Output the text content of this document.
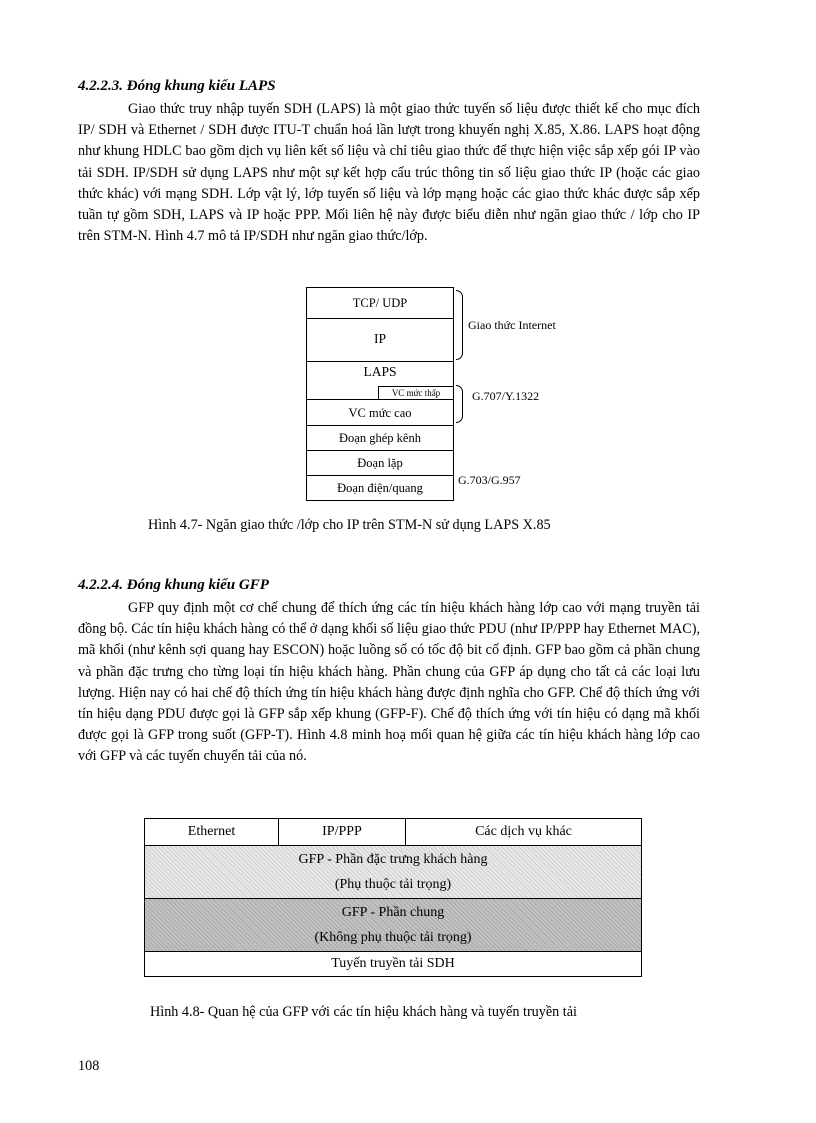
4.2.2.3. Đóng khung kiểu LAPS

Giao thức truy nhập tuyến SDH (LAPS) là một giao thức tuyến số liệu được thiết kế cho mục đích IP/ SDH và Ethernet / SDH được ITU-T chuẩn hoá lần lượt trong khuyến nghị X.85, X.86. LAPS hoạt động như khung HDLC bao gồm dịch vụ liên kết số liệu và chỉ tiêu giao thức để thực hiện việc sắp xếp gói IP vào tải SDH. IP/SDH sử dụng LAPS như một sự kết hợp cấu trúc thông tin số liệu giao thức IP (hoặc các giao thức khác) với mạng SDH. Lớp vật lý, lớp tuyến số liệu và lớp mạng hoặc các giao thức khác được sắp xếp tuần tự gồm SDH, LAPS và IP hoặc PPP. Mối liên hệ này được biểu diễn như ngăn giao thức / lớp cho IP trên STM-N. Hình 4.7 mô tả IP/SDH như ngăn giao thức/lớp.

TCP/ UDP
IP
LAPS
VC mức thấp
VC mức cao
Đoạn ghép kênh
Đoạn lặp
Đoạn điện/quang
Giao thức Internet
G.707/Y.1322
G.703/G.957

Hình 4.7- Ngăn giao thức /lớp cho IP trên STM-N sử dụng LAPS X.85

4.2.2.4. Đóng khung kiểu GFP

GFP quy định một cơ chế chung để thích ứng các tín hiệu khách hàng lớp cao với mạng truyền tải đồng bộ. Các tín hiệu khách hàng có thể ở dạng khối số liệu giao thức PDU (như IP/PPP hay Ethernet MAC), mã khối (như kênh sợi quang hay ESCON) hoặc luồng số có tốc độ bit cố định. GFP bao gồm cả phần chung và phần đặc trưng cho từng loại tín hiệu khách hàng. Phần chung của GFP áp dụng cho tất cả các loại lưu lượng. Hiện nay có hai chế độ thích ứng tín hiệu khách hàng được định nghĩa cho GFP. Chế độ thích ứng với tín hiệu dạng PDU được gọi là GFP sắp xếp khung (GFP-F). Chế độ thích ứng với tín hiệu có dạng mã khối được gọi là GFP trong suốt (GFP-T). Hình 4.8 minh hoạ mối quan hệ giữa các tín hiệu khách hàng lớp cao với GFP và các tuyến chuyển tải của nó.

Ethernet	IP/PPP	Các dịch vụ khác
GFP - Phần đặc trưng khách hàng
(Phụ thuộc tải trọng)
GFP - Phần chung
(Không phụ thuộc tải trọng)
Tuyến truyền tải SDH

Hình 4.8- Quan hệ của GFP với các tín hiệu khách hàng và tuyến truyền tải

108
